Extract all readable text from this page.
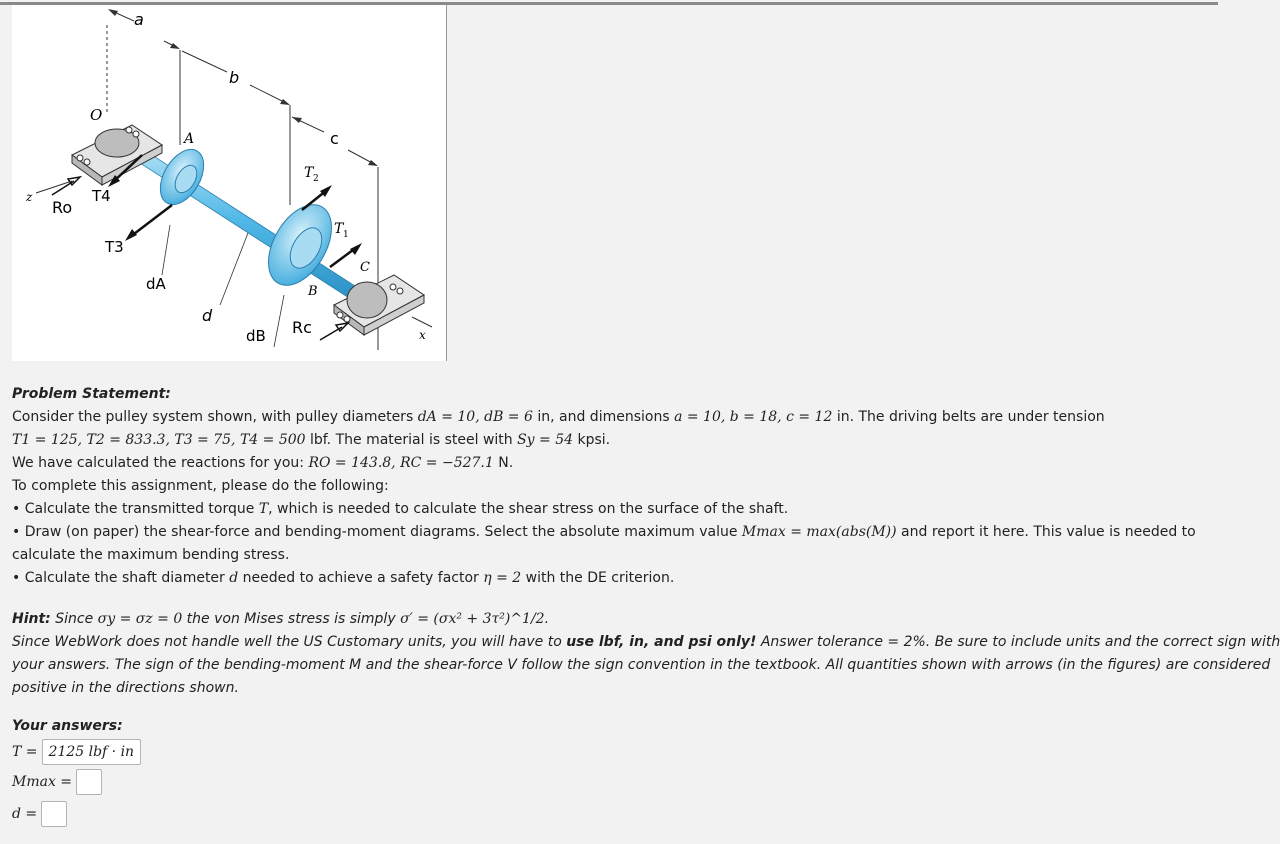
a
b
c
O
A
B
C
z
x
T 2
T 1
T3
T4
Ro
Rc
dA
dB
d
Problem Statement:
Consider the pulley system shown, with pulley diameters dA = 10, dB = 6 in, and dimensions a = 10, b = 18, c = 12 in. The driving belts are under tension
T1 = 125, T2 = 833.3, T3 = 75, T4 = 500 lbf. The material is steel with Sy = 54 kpsi.
We have calculated the reactions for you: RO = 143.8, RC = −527.1 N.
To complete this assignment, please do the following:
• Calculate the transmitted torque T, which is needed to calculate the shear stress on the surface of the shaft.
• Draw (on paper) the shear-force and bending-moment diagrams. Select the absolute maximum value Mmax = max(abs(M)) and report it here. This value is needed to
calculate the maximum bending stress.
• Calculate the shaft diameter d needed to achieve a safety factor η = 2 with the DE criterion.
Hint: Since σy = σz = 0 the von Mises stress is simply σ′ = (σx² + 3τ²)^1/2.
Since WebWork does not handle well the US Customary units, you will have to use lbf, in, and psi only! Answer tolerance = 2%. Be sure to include units and the correct sign with
your answers. The sign of the bending-moment M and the shear-force V follow the sign convention in the textbook. All quantities shown with arrows (in the figures) are considered
positive in the directions shown.
Your answers:
T = 2125 lbf · in
Mmax =
d =
